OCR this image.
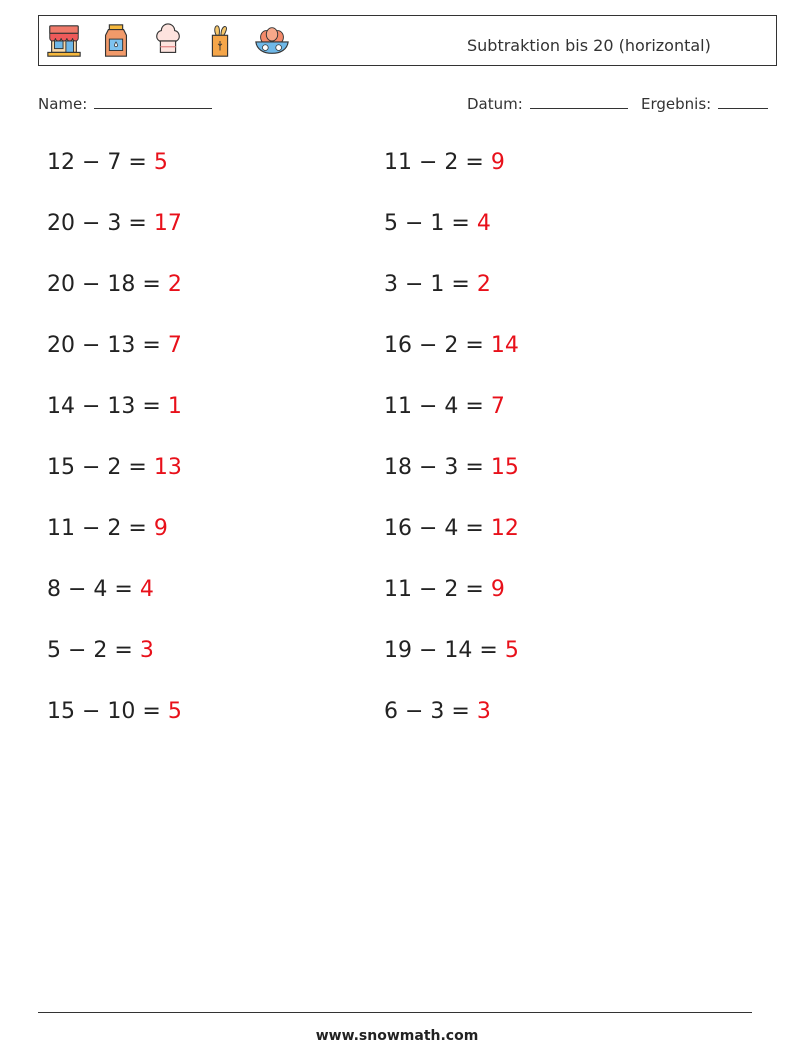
Subtraktion bis 20 (horizontal)
Name:	Datum:	Ergebnis:
12 − 7 = 5
20 − 3 = 17
20 − 18 = 2
20 − 13 = 7
14 − 13 = 1
15 − 2 = 13
11 − 2 = 9
8 − 4 = 4
5 − 2 = 3
15 − 10 = 5
11 − 2 = 9
5 − 1 = 4
3 − 1 = 2
16 − 2 = 14
11 − 4 = 7
18 − 3 = 15
16 − 4 = 12
11 − 2 = 9
19 − 14 = 5
6 − 3 = 3
www.snowmath.com
